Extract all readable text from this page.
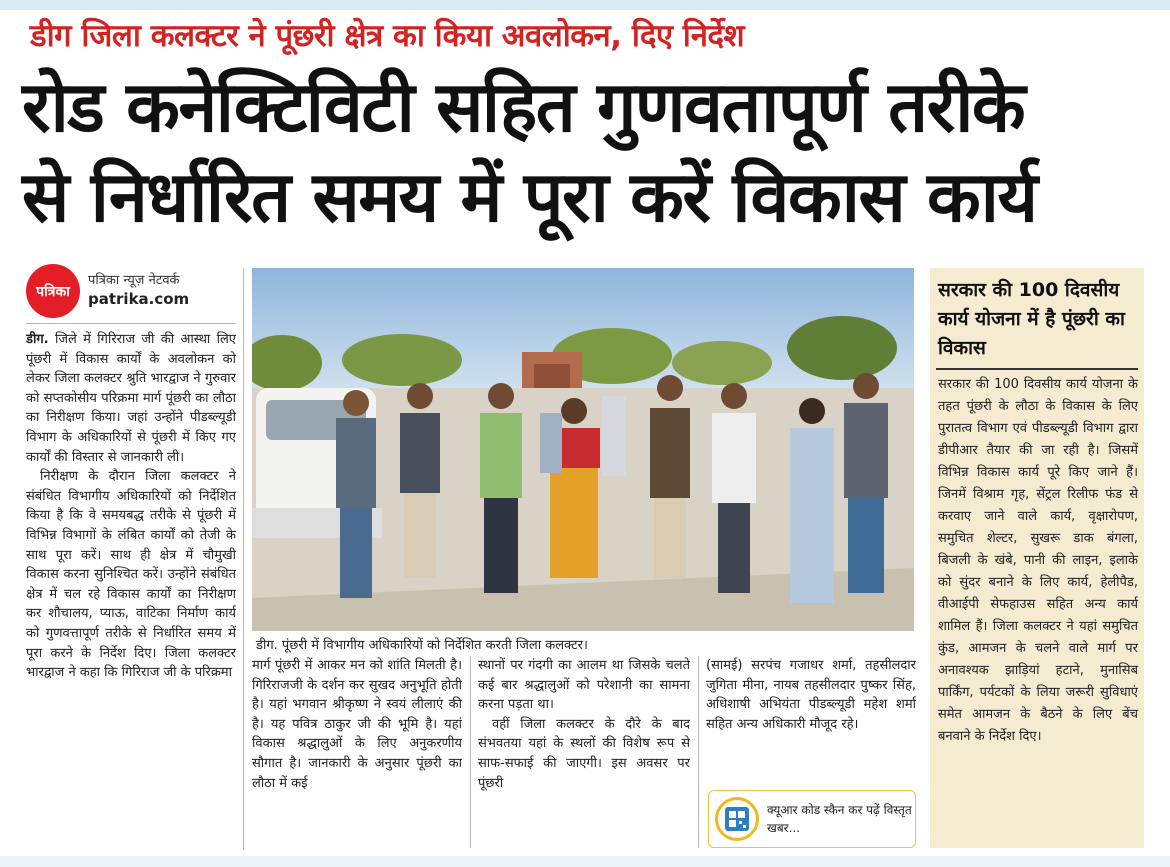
डीग जिला कलक्टर ने पूंछरी क्षेत्र का किया अवलोकन, दिए निर्देश
रोड कनेक्टिविटी सहित गुणवतापूर्ण तरीके
से निर्धारित समय में पूरा करें विकास कार्य
पत्रिका
पत्रिका न्यूज़ नेटवर्क
patrika.com

डीग. जिले में गिरिराज जी की आस्था लिए पूंछरी में विकास कार्यों के अवलोकन को लेकर जिला कलक्टर श्रुति भारद्वाज ने गुरुवार को सप्तकोसीय परिक्रमा मार्ग पूंछरी का लौठा का निरीक्षण किया। जहां उन्होंने पीडब्ल्यूडी विभाग के अधिकारियों से पूंछरी में किए गए कार्यों की विस्तार से जानकारी ली।

निरीक्षण के दौरान जिला कलक्टर ने संबंधित विभागीय अधिकारियों को निर्देशित किया है कि वे समयबद्ध तरीके से पूंछरी में विभिन्न विभागों के लंबित कार्यों को तेजी के साथ पूरा करें। साथ ही क्षेत्र में चौमुखी विकास करना सुनिश्चित करें। उन्होंने संबंधित क्षेत्र में चल रहे विकास कार्यों का निरीक्षण कर शौचालय, प्याऊ, वाटिका निर्माण कार्य को गुणवत्तापूर्ण तरीके से निर्धारित समय में पूरा करने के निर्देश दिए। जिला कलक्टर भारद्वाज ने कहा कि गिरिराज जी के परिक्रमा

डीग. पूंछरी में विभागीय अधिकारियों को निर्देशित करती जिला कलक्टर।

मार्ग पूंछरी में आकर मन को शांति मिलती है। गिरिराजजी के दर्शन कर सुखद अनुभूति होती है। यहां भगवान श्रीकृष्ण ने स्वयं लीलाएं की है। यह पवित्र ठाकुर जी की भूमि है। यहां विकास श्रद्धालुओं के लिए अनुकरणीय सौगात है। जानकारी के अनुसार पूंछरी का लौठा में कई

स्थानों पर गंदगी का आलम था जिसके चलते कई बार श्रद्धालुओं को परेशानी का सामना करना पड़ता था।

वहीं जिला कलक्टर के दौरे के बाद संभवतया यहां के स्थलों की विशेष रूप से साफ-सफाई की जाएगी। इस अवसर पर पूंछरी

(सामई) सरपंच गजाधर शर्मा, तहसीलदार जुगिता मीना, नायब तहसीलदार पुष्कर सिंह, अधिशाषी अभियंता पीडब्ल्यूडी महेश शर्मा सहित अन्य अधिकारी मौजूद रहे।

क्यूआर कोड स्कैन कर पढ़ें विस्तृत खबर...
सरकार की 100 दिवसीय कार्य योजना में है पूंछरी का विकास
सरकार की 100 दिवसीय कार्य योजना के तहत पूंछरी के लौठा के विकास के लिए पुरातत्व विभाग एवं पीडब्ल्यूडी विभाग द्वारा डीपीआर तैयार की जा रही है। जिसमें विभिन्न विकास कार्य पूरे किए जाने हैं। जिनमें विश्राम गृह, सेंट्रल रिलीफ फंड से करवाए जाने वाले कार्य, वृक्षारोपण, समुचित शेल्टर, सुखरू डाक बंगला, बिजली के खंबे, पानी की लाइन, इलाके को सुंदर बनाने के लिए कार्य, हेलीपैड, वीआईपी सेफहाउस सहित अन्य कार्य शामिल हैं। जिला कलक्टर ने यहां समुचित कुंड, आमजन के चलने वाले मार्ग पर अनावश्यक झाड़ियां हटाने, मुनासिब पार्किंग, पर्यटकों के लिया जरूरी सुविधाएं समेत आमजन के बैठने के लिए बेंच बनवाने के निर्देश दिए।
